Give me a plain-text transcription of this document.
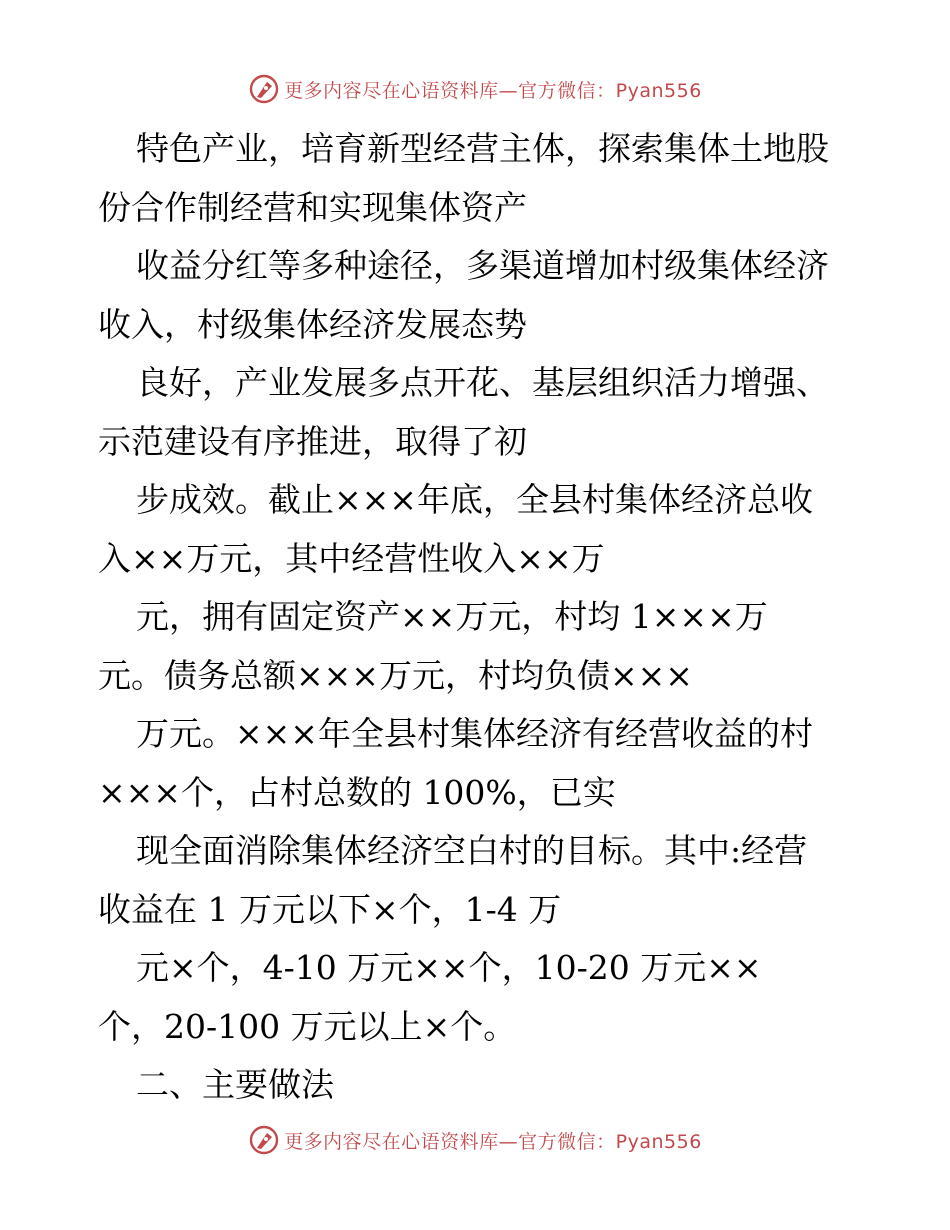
更多内容尽在心语资料库—官方微信：Pyan556
特色产业，培育新型经营主体，探索集体土地股
份合作制经营和实现集体资产
收益分红等多种途径，多渠道增加村级集体经济
收入，村级集体经济发展态势
良好，产业发展多点开花、基层组织活力增强、
示范建设有序推进，取得了初
步成效。截止×××年底，全县村集体经济总收
入××万元，其中经营性收入××万
元，拥有固定资产××万元，村均 1×××万
元。债务总额×××万元，村均负债×××
万元。×××年全县村集体经济有经营收益的村
×××个，占村总数的 100%，已实
现全面消除集体经济空白村的目标。其中:经营
收益在 1 万元以下×个，1-4 万
元×个，4-10 万元××个，10-20 万元××
个，20-100 万元以上×个。
二、主要做法
更多内容尽在心语资料库—官方微信：Pyan556
